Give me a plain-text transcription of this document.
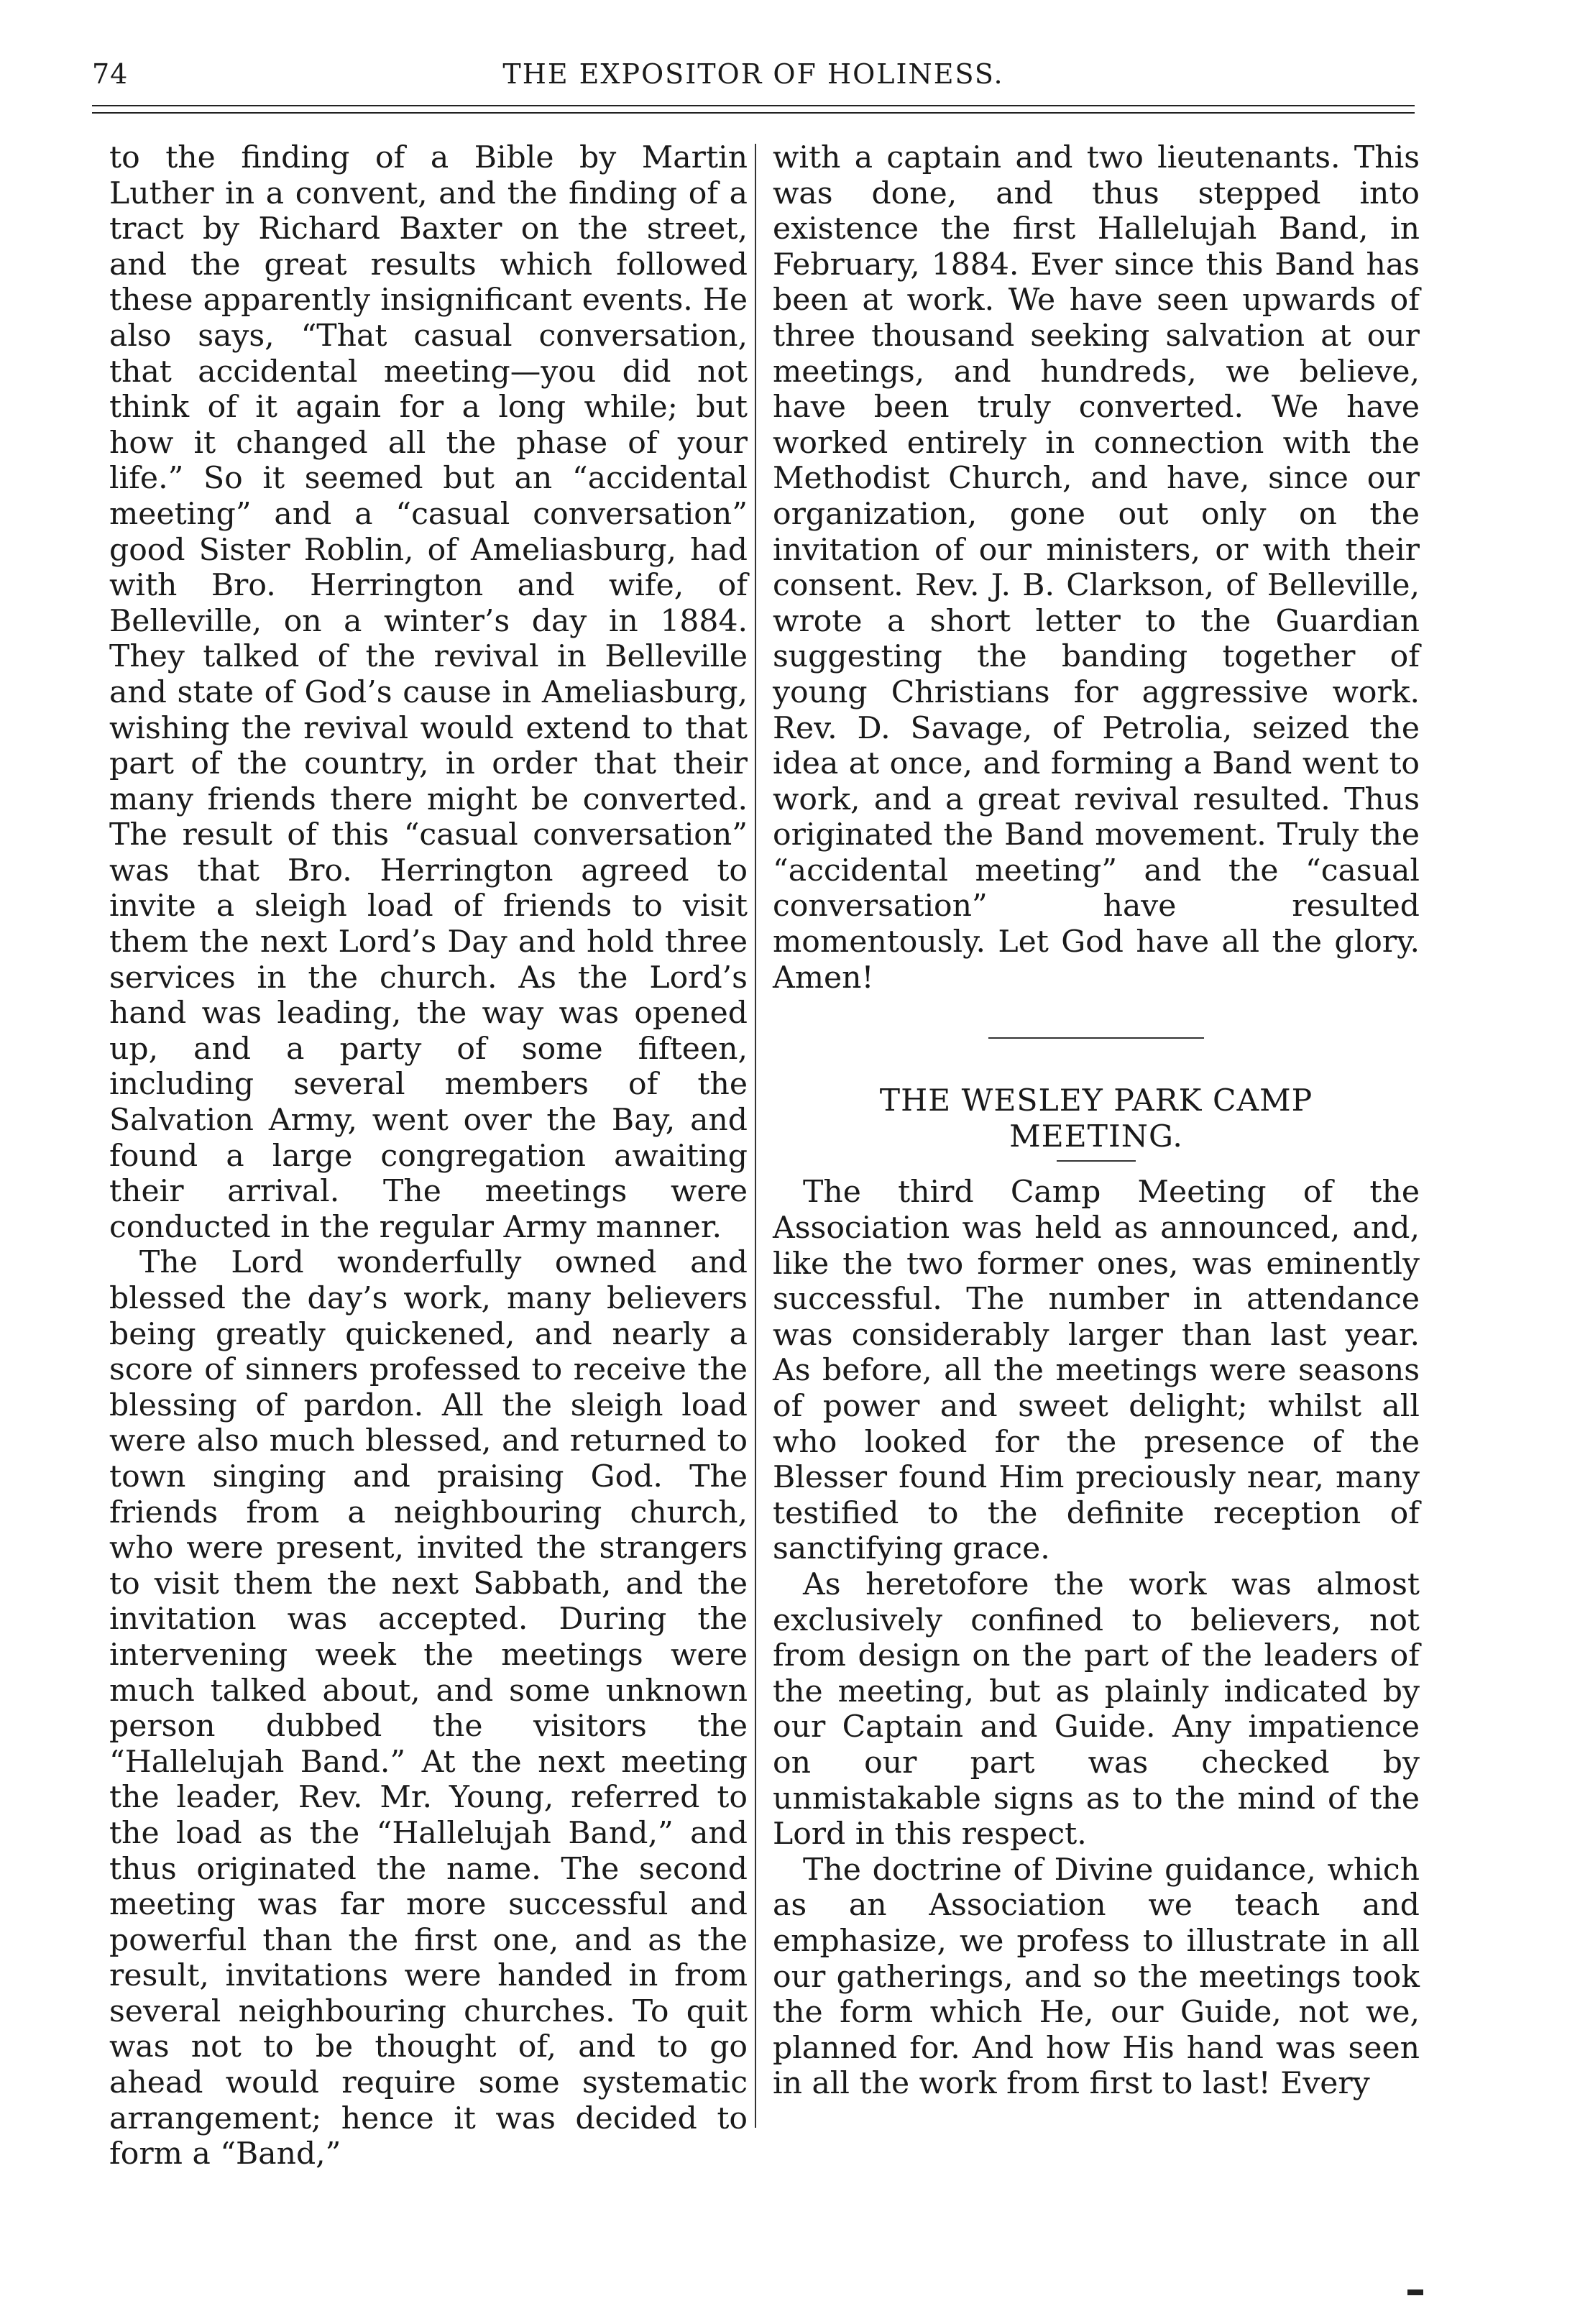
74	THE EXPOSITOR OF HOLINESS.

to the finding of a Bible by Martin Luther in a convent, and the finding of a tract by Richard Baxter on the street, and the great results which followed these apparently insignificant events. He also says, “That casual conversation, that accidental meeting—you did not think of it again for a long while; but how it changed all the phase of your life.” So it seemed but an “accidental meeting” and a “casual conversation” good Sister Roblin, of Ameliasburg, had with Bro. Herrington and wife, of Belleville, on a winter’s day in 1884. They talked of the revival in Belleville and state of God’s cause in Ameliasburg, wishing the revival would extend to that part of the country, in order that their many friends there might be converted. The result of this “casual conversation” was that Bro. Herrington agreed to invite a sleigh load of friends to visit them the next Lord’s Day and hold three services in the church. As the Lord’s hand was leading, the way was opened up, and a party of some fifteen, including several members of the Salvation Army, went over the Bay, and found a large congregation awaiting their arrival. The meetings were conducted in the regular Army manner.

The Lord wonderfully owned and blessed the day’s work, many believers being greatly quickened, and nearly a score of sinners professed to receive the blessing of pardon. All the sleigh load were also much blessed, and returned to town singing and praising God. The friends from a neighbouring church, who were present, invited the strangers to visit them the next Sabbath, and the invitation was accepted. During the intervening week the meetings were much talked about, and some unknown person dubbed the visitors the “Hallelujah Band.” At the next meeting the leader, Rev. Mr. Young, referred to the load as the “Hallelujah Band,” and thus originated the name. The second meeting was far more successful and powerful than the first one, and as the result, invitations were handed in from several neighbouring churches. To quit was not to be thought of, and to go ahead would require some systematic arrangement; hence it was decided to form a “Band,”

with a captain and two lieutenants. This was done, and thus stepped into existence the first Hallelujah Band, in February, 1884. Ever since this Band has been at work. We have seen upwards of three thousand seeking salvation at our meetings, and hundreds, we believe, have been truly converted. We have worked entirely in connection with the Methodist Church, and have, since our organization, gone out only on the invitation of our ministers, or with their consent. Rev. J. B. Clarkson, of Belleville, wrote a short letter to the Guardian suggesting the banding together of young Christians for aggressive work. Rev. D. Savage, of Petrolia, seized the idea at once, and forming a Band went to work, and a great revival resulted. Thus originated the Band movement. Truly the “accidental meeting” and the “casual conversation” have resulted momentously. Let God have all the glory. Amen!

THE WESLEY PARK CAMP
MEETING.

The third Camp Meeting of the Association was held as announced, and, like the two former ones, was eminently successful. The number in attendance was considerably larger than last year. As before, all the meetings were seasons of power and sweet delight; whilst all who looked for the presence of the Blesser found Him preciously near, many testified to the definite reception of sanctifying grace.

As heretofore the work was almost exclusively confined to believers, not from design on the part of the leaders of the meeting, but as plainly indicated by our Captain and Guide. Any impatience on our part was checked by unmistakable signs as to the mind of the Lord in this respect.

The doctrine of Divine guidance, which as an Association we teach and emphasize, we profess to illustrate in all our gatherings, and so the meetings took the form which He, our Guide, not we, planned for. And how His hand was seen in all the work from first to last! Every
